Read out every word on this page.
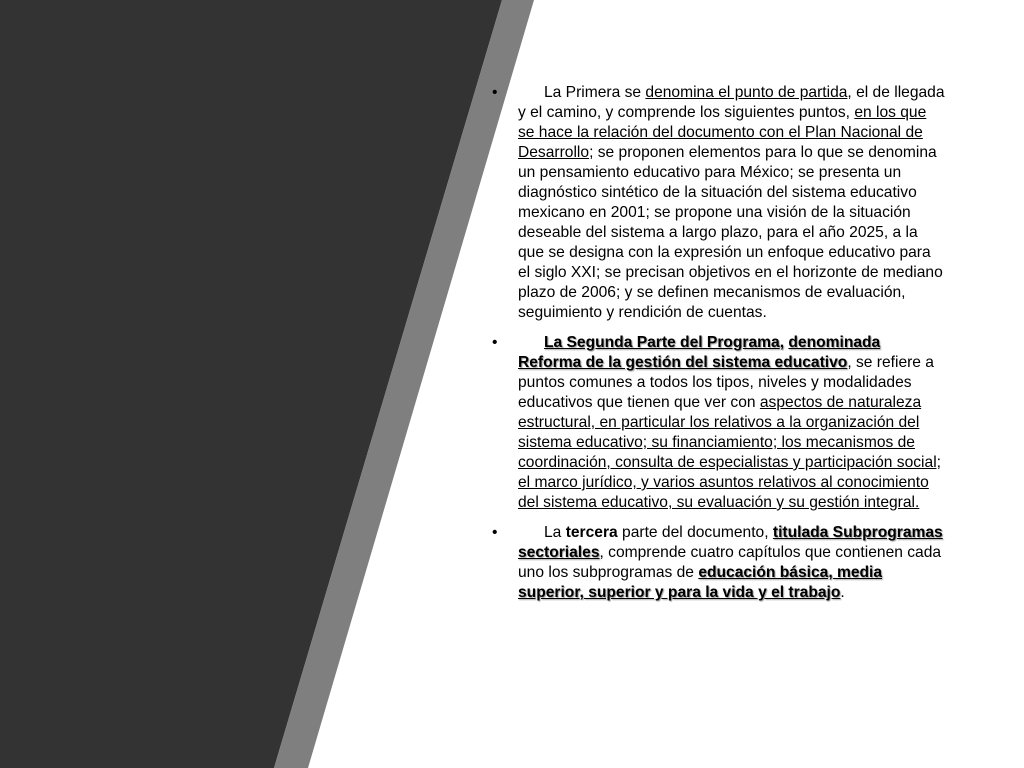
•	La Primera se denomina el punto de partida, el de llegada y el camino, y comprende los siguientes puntos, en los que se hace la relación del documento con el Plan Nacional de Desarrollo; se proponen elementos para lo que se denomina un pensamiento educativo para México; se presenta un diagnóstico sintético de la situación del sistema educativo mexicano en 2001; se propone una visión de la situación deseable del sistema a largo plazo, para el año 2025, a la que se designa con la expresión un enfoque educativo para el siglo XXI; se precisan objetivos en el horizonte de mediano plazo de 2006; y se definen mecanismos de evaluación, seguimiento y rendición de cuentas.

•	La Segunda Parte del Programa, denominada Reforma de la gestión del sistema educativo, se refiere a puntos comunes a todos los tipos, niveles y modalidades educativos que tienen que ver con aspectos de naturaleza estructural, en particular los relativos a la organización del sistema educativo; su financiamiento; los mecanismos de coordinación, consulta de especialistas y participación social; el marco jurídico, y varios asuntos relativos al conocimiento del sistema educativo, su evaluación y su gestión integral.

•	La tercera parte del documento, titulada Subprogramas sectoriales, comprende cuatro capítulos que contienen cada uno los subprogramas de educación básica, media superior, superior y para la vida y el trabajo.
